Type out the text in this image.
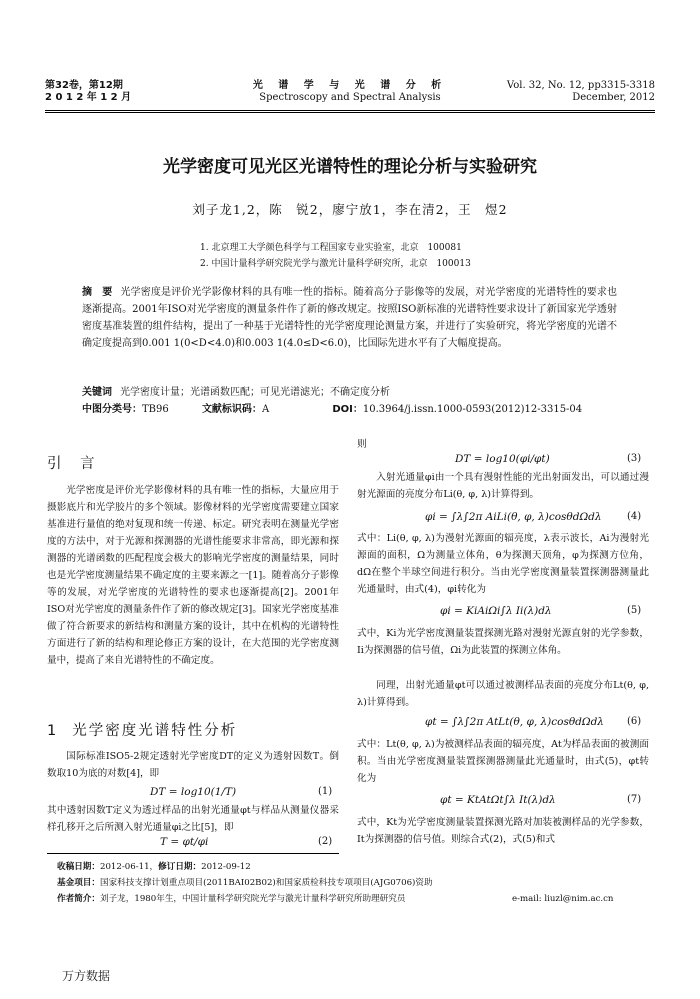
第32卷，第12期
2 0 1 2 年 1 2 月
光 谱 学 与 光 谱 分 析
Spectroscopy and Spectral Analysis
Vol. 32, No. 12, pp3315-3318
December, 2012
光学密度可见光区光谱特性的理论分析与实验研究
刘子龙1,2，陈　锐2，廖宁放1，李在清2，王　煜2
1. 北京理工大学颜色科学与工程国家专业实验室，北京　100081
2. 中国计量科学研究院光学与激光计量科学研究所，北京　100013
摘　要 光学密度是评价光学影像材料的具有唯一性的指标。随着高分子影像等的发展，对光学密度的光谱特性的要求也逐渐提高。2001年ISO对光学密度的测量条件作了新的修改规定。按照ISO新标准的光谱特性要求设计了新国家光学透射密度基准装置的组件结构，提出了一种基于光谱特性的光学密度理论测量方案，并进行了实验研究，将光学密度的光谱不确定度提高到0.001 1(0<D<4.0)和0.003 1(4.0≤D<6.0)，比国际先进水平有了大幅度提高。
关键词 光学密度计量；光谱函数匹配；可见光谱滤光；不确定度分析
中图分类号：TB96	文献标识码：A	DOI：10.3964/j.issn.1000-0593(2012)12-3315-04
引　言

光学密度是评价光学影像材料的具有唯一性的指标，大量应用于摄影底片和光学胶片的多个领域。影像材料的光学密度需要建立国家基准进行量值的绝对复现和统一传递、标定。研究表明在测量光学密度的方法中，对于光源和探测器的光谱性能要求非常高，即光源和探测器的光谱函数的匹配程度会极大的影响光学密度的测量结果，同时也是光学密度测量结果不确定度的主要来源之一[1]。随着高分子影像等的发展，对光学密度的光谱特性的要求也逐渐提高[2]。2001年ISO对光学密度的测量条件作了新的修改规定[3]。国家光学密度基准做了符合新要求的新结构和测量方案的设计，其中在机构的光谱特性方面进行了新的结构和理论修正方案的设计，在大范围的光学密度测量中，提高了来自光谱特性的不确定度。

1 光学密度光谱特性分析

国际标准ISO5-2规定透射光学密度DT的定义为透射因数T。倒数取10为底的对数[4]，即

DT = log10(1/T)	(1)
其中透射因数T定义为透过样品的出射光通量φt与样品从测量仪器采样孔移开之后所测入射光通量φi之比[5]，即
T = φt/φi	(2)
则
DT = log10(φi/φt)	(3)

入射光通量φi由一个具有漫射性能的光出射面发出，可以通过漫射光源面的亮度分布Li(θ, φ, λ)计算得到。

φi = ∫λ∫2π AiLi(θ, φ, λ)cosθdΩdλ	(4)
式中：Li(θ, φ, λ)为漫射光源面的辐亮度，λ表示波长，Ai为漫射光源面的面积，Ω为测量立体角，θ为探测天顶角，φ为探测方位角，dΩ在整个半球空间进行积分。当由光学密度测量装置探测器测量此光通量时，由式(4)，φi转化为
φi = KiAiΩi∫λ Ii(λ)dλ	(5)
式中，Ki为光学密度测量装置探测光路对漫射光源直射的光学参数，Ii为探测器的信号值，Ωi为此装置的探测立体角。

同理，出射光通量φt可以通过被测样品表面的亮度分布Lt(θ, φ, λ)计算得到。

φt = ∫λ∫2π AtLt(θ, φ, λ)cosθdΩdλ (6)
式中：Lt(θ, φ, λ)为被测样品表面的辐亮度，At为样品表面的被测面积。当由光学密度测量装置探测器测量此光通量时，由式(5)，φt转化为
φt = KtAtΩt∫λ It(λ)dλ	(7)
式中，Kt为光学密度测量装置探测光路对加装被测样品的光学参数，It为探测器的信号值。则综合式(2)，式(5)和式
收稿日期：2012-06-11，修订日期：2012-09-12
基金项目：国家科技支撑计划重点项目(2011BAI02B02)和国家质检科技专项项目(AJG0706)资助
作者简介：刘子龙，1980年生，中国计量科学研究院光学与激光计量科学研究所助理研究员	e-mail: liuzl@nim.ac.cn
万方数据
